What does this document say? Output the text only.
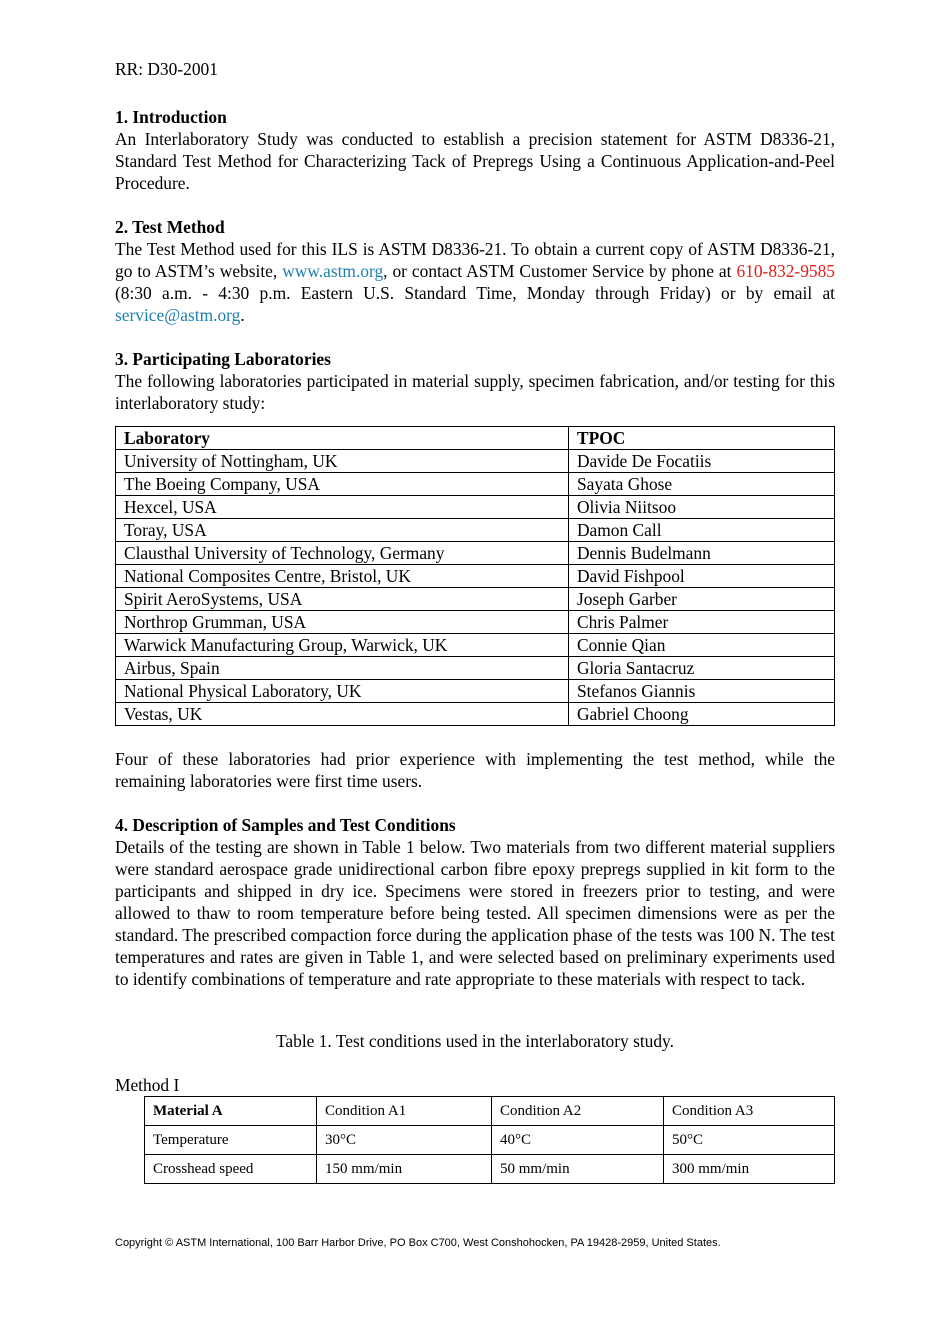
RR: D30-2001
1. Introduction
An Interlaboratory Study was conducted to establish a precision statement for ASTM D8336-21, Standard Test Method for Characterizing Tack of Prepregs Using a Continuous Application-and-Peel Procedure.
2. Test Method
The Test Method used for this ILS is ASTM D8336-21. To obtain a current copy of ASTM D8336-21, go to ASTM’s website, www.astm.org, or contact ASTM Customer Service by phone at 610-832-9585 (8:30 a.m. - 4:30 p.m. Eastern U.S. Standard Time, Monday through Friday) or by email at service@astm.org.
3. Participating Laboratories
The following laboratories participated in material supply, specimen fabrication, and/or testing for this interlaboratory study:
Laboratory	TPOC
University of Nottingham, UK	Davide De Focatiis
The Boeing Company, USA	Sayata Ghose
Hexcel, USA	Olivia Niitsoo
Toray, USA	Damon Call
Clausthal University of Technology, Germany	Dennis Budelmann
National Composites Centre, Bristol, UK	David Fishpool
Spirit AeroSystems, USA	Joseph Garber
Northrop Grumman, USA	Chris Palmer
Warwick Manufacturing Group, Warwick, UK	Connie Qian
Airbus, Spain	Gloria Santacruz
National Physical Laboratory, UK	Stefanos Giannis
Vestas, UK	Gabriel Choong
Four of these laboratories had prior experience with implementing the test method, while the remaining laboratories were first time users.
4. Description of Samples and Test Conditions
Details of the testing are shown in Table 1 below. Two materials from two different material suppliers were standard aerospace grade unidirectional carbon fibre epoxy prepregs supplied in kit form to the participants and shipped in dry ice. Specimens were stored in freezers prior to testing, and were allowed to thaw to room temperature before being tested. All specimen dimensions were as per the standard. The prescribed compaction force during the application phase of the tests was 100 N. The test temperatures and rates are given in Table 1, and were selected based on preliminary experiments used to identify combinations of temperature and rate appropriate to these materials with respect to tack.
Table 1. Test conditions used in the interlaboratory study.
Method I
Material A	Condition A1	Condition A2	Condition A3
Temperature	30°C	40°C	50°C
Crosshead speed	150 mm/min	50 mm/min	300 mm/min
Copyright © ASTM International, 100 Barr Harbor Drive, PO Box C700, West Conshohocken, PA 19428-2959, United States.
